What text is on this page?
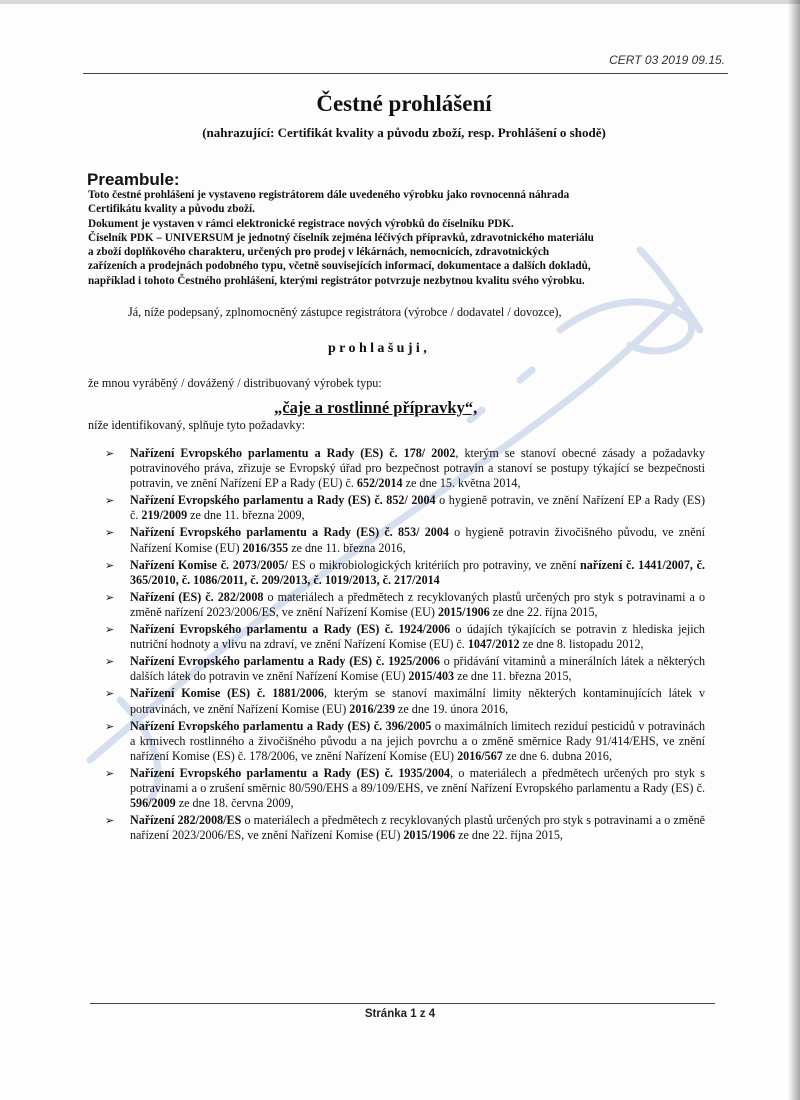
CERT 03 2019 09.15.
Čestné prohlášení
(nahrazující: Certifikát kvality a původu zboží, resp. Prohlášení o shodě)
Preambule:
Toto čestné prohlášení je vystaveno registrátorem dále uvedeného výrobku jako rovnocenná náhrada
Certifikátu kvality a původu zboží.
Dokument je vystaven v rámci elektronické registrace nových výrobků do číselníku PDK.
Číselník PDK – UNIVERSUM je jednotný číselník zejména léčivých přípravků, zdravotnického materiálu
a zboží doplňkového charakteru, určených pro prodej v lékárnách, nemocnicích, zdravotnických
zařízeních a prodejnách podobného typu, včetně souvisejících informací, dokumentace a dalších dokladů,
například i tohoto Čestného prohlášení, kterými registrátor potvrzuje nezbytnou kvalitu svého výrobku.
Já, níže podepsaný, zplnomocněný zástupce registrátora (výrobce / dodavatel / dovozce),
prohlašuji,
že mnou vyráběný / dovážený / distribuovaný výrobek typu:
„čaje a rostlinné přípravky“,
níže identifikovaný, splňuje tyto požadavky:
➢ Nařízení Evropského parlamentu a Rady (ES) č. 178/ 2002, kterým se stanoví obecné zásady a požadavky potravinového práva, zřizuje se Evropský úřad pro bezpečnost potravin a stanoví se postupy týkající se bezpečnosti potravin, ve znění Nařízení EP a Rady (EU) č. 652/2014 ze dne 15. května 2014,
➢ Nařízení Evropského parlamentu a Rady (ES) č. 852/ 2004 o hygieně potravin, ve znění Nařízení EP a Rady (ES) č. 219/2009 ze dne 11. března 2009,
➢ Nařízení Evropského parlamentu a Rady (ES) č. 853/ 2004 o hygieně potravin živočišného původu, ve znění Nařízení Komise (EU) 2016/355 ze dne 11. března 2016,
➢ Nařízení Komise č. 2073/2005/ ES o mikrobiologických kritériích pro potraviny, ve znění nařízení č. 1441/2007, č. 365/2010, č. 1086/2011, č. 209/2013, č. 1019/2013, č. 217/2014
➢ Nařízení (ES) č. 282/2008 o materiálech a předmětech z recyklovaných plastů určených pro styk s potravinami a o změně nařízení 2023/2006/ES, ve znění Nařízení Komise (EU) 2015/1906 ze dne 22. října 2015,
➢ Nařízení Evropského parlamentu a Rady (ES) č. 1924/2006 o údajích týkajících se potravin z hlediska jejich nutriční hodnoty a vlivu na zdraví, ve znění Nařízení Komise (EU) č. 1047/2012 ze dne 8. listopadu 2012,
➢ Nařízení Evropského parlamentu a Rady (ES) č. 1925/2006 o přidávání vitaminů a minerálních látek a některých dalších látek do potravin ve znění Nařízení Komise (EU) 2015/403 ze dne 11. března 2015,
➢ Nařízení Komise (ES) č. 1881/2006, kterým se stanoví maximální limity některých kontaminujících látek v potravinách, ve znění Nařízení Komise (EU) 2016/239 ze dne 19. února 2016,
➢ Nařízení Evropského parlamentu a Rady (ES) č. 396/2005 o maximálních limitech reziduí pesticidů v potravinách a krmivech rostlinného a živočišného původu a na jejich povrchu a o změně směrnice Rady 91/414/EHS, ve znění nařízení Komise (ES) č. 178/2006, ve znění Nařízení Komise (EU) 2016/567 ze dne 6. dubna 2016,
➢ Nařízení Evropského parlamentu a Rady (ES) č. 1935/2004, o materiálech a předmětech určených pro styk s potravinami a o zrušení směrnic 80/590/EHS a 89/109/EHS, ve znění Nařízení Evropského parlamentu a Rady (ES) č. 596/2009 ze dne 18. června 2009,
➢ Nařízení 282/2008/ES o materiálech a předmětech z recyklovaných plastů určených pro styk s potravinami a o změně nařízení 2023/2006/ES, ve znění Nařízení Komise (EU) 2015/1906 ze dne 22. října 2015,
Stránka 1 z 4
